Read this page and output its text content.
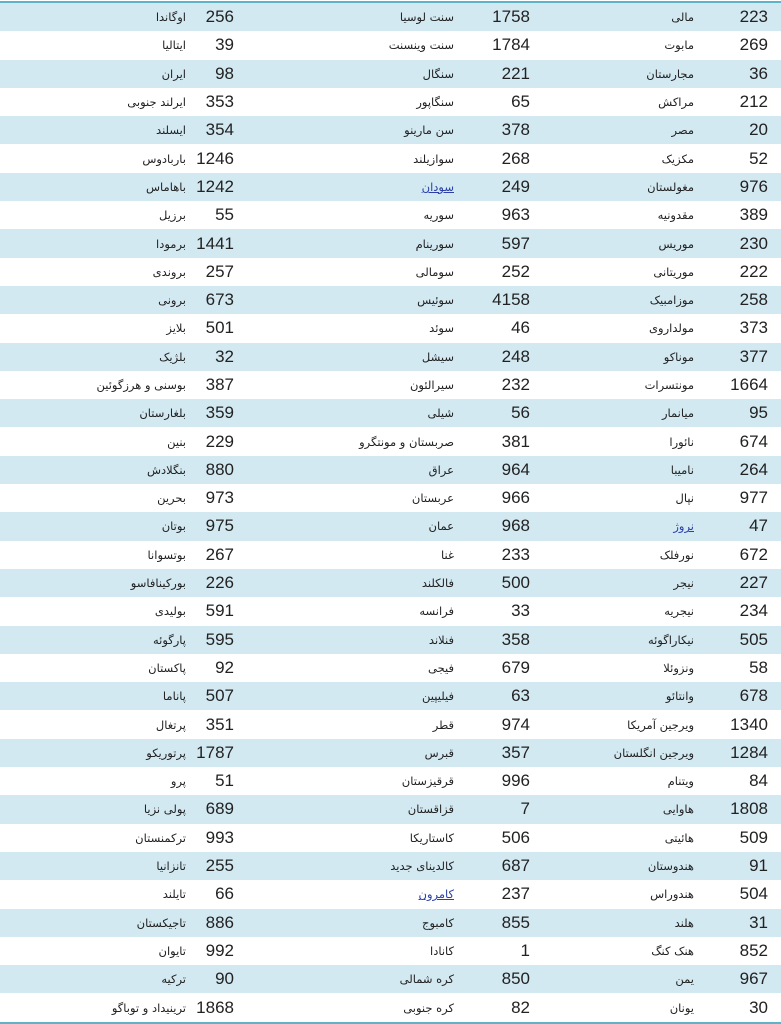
اوگاندا	256	سنت لوسیا	1758	مالی	223
ایتالیا	39	سنت وینسنت	1784	مابوت	269
ایران	98	سنگال	221	مجارستان	36
ایرلند جنوبی	353	سنگاپور	65	مراکش	212
ایسلند	354	سن مارینو	378	مصر	20
باربادوس 1246	سوازیلند	268	مکزیک	52
باهاماس 1242	سودان	249	مغولستان	976
برزیل	55	سوریه	963	مقدونیه	389
برمودا 1441	سورینام	597	موریس	230
بروندی	257	سومالی	252	موریتانی	222
برونی	673	سوئیس	4158	موزامبیک	258
بلایز	501	سوئد	46	مولداروی	373
بلژیک	32	سیشل	248	موناکو	377
بوسنی و هرزگوئین	387	سیرالئون	232	مونتسرات	1664
بلغارستان	359	شیلی	56	میانمار	95
بنین	229	صربستان و مونتگرو	381	نائورا	674
بنگلادش	880	عراق	964	نامیبا	264
بحرین	973	عربستان	966	نپال	977
بوتان	975	عمان	968	نروژ	47
بوتسوانا	267	غنا	233	نورفلک	672
بورکینافاسو	226	فالکلند	500	نیجر	227
بولیدی	591	فرانسه	33	نیجریه	234
پارگوئه	595	فنلاند	358	نیکاراگوئه	505
پاکستان	92	فیجی	679	ونزوئلا	58
پاناما	507	فیلیپین	63	وانتائو	678
پرتغال	351	قطر	974	ویرجین آمریکا	1340
پرتوریکو 1787	قبرس	357	ویرجین انگلستان	1284
پرو	51	قرقیزستان	996	ویتنام	84
پولی نزیا	689	قزاقستان	7	هاوایی	1808
ترکمنستان	993	کاستاریکا	506	هائیتی	509
تانزانیا	255	کالدینای جدید	687	هندوستان	91
تایلند	66	کامرون	237	هندوراس	504
تاجیکستان	886	کامبوج	855	هلند	31
تایوان	992	کانادا	1	هنک کنگ	852
ترکیه	90	کره شمالی	850	یمن	967
ترینیداد و توباگو 1868	کره جنوبی	82	یونان	30
